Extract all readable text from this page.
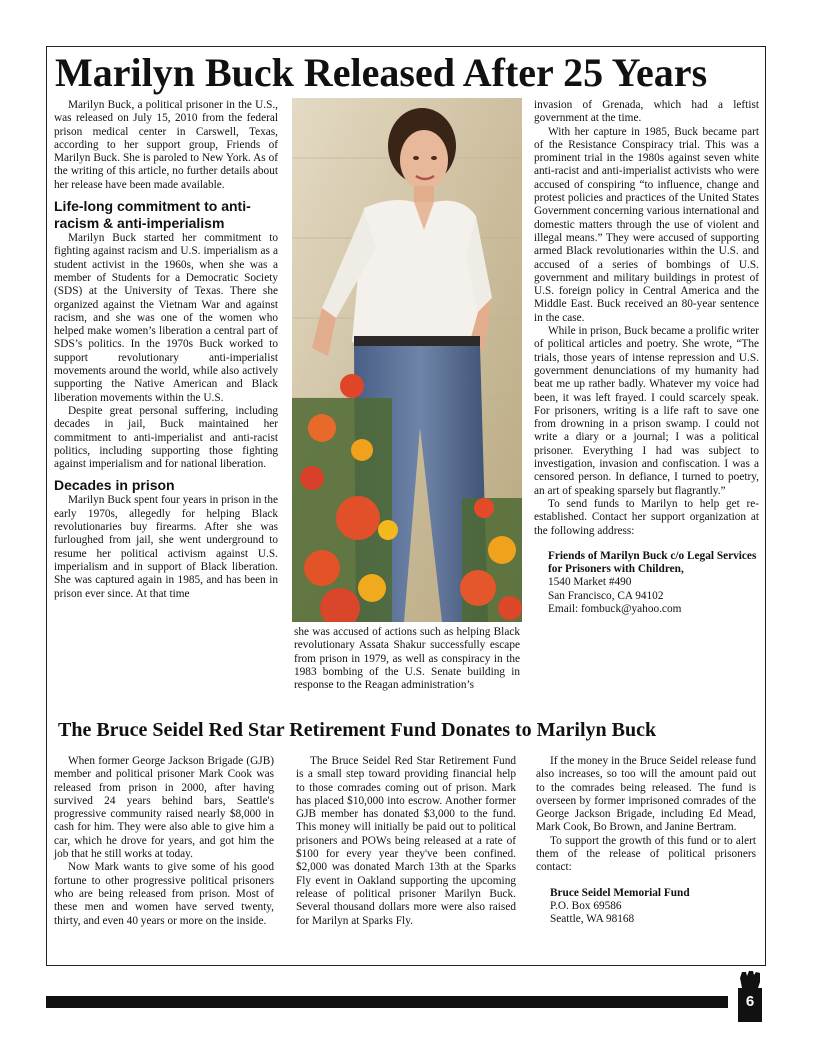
Marilyn Buck Released After 25 Years

Marilyn Buck, a political prisoner in the U.S., was released on July 15, 2010 from the federal prison medical center in Carswell, Texas, according to her support group, Friends of Marilyn Buck. She is paroled to New York. As of the writing of this article, no further details about her release have been made available.

Life-long commitment to anti-racism & anti-imperialism

Marilyn Buck started her commitment to fighting against racism and U.S. imperialism as a student activist in the 1960s, when she was a member of Students for a Democratic Society (SDS) at the University of Texas. There she organized against the Vietnam War and against racism, and she was one of the women who helped make women’s liberation a central part of SDS’s politics. In the 1970s Buck worked to support revolutionary anti-imperialist movements around the world, while also actively supporting the Native American and Black liberation movements within the U.S.

Despite great personal suffering, including decades in jail, Buck maintained her commitment to anti-imperialist and anti-racist politics, including supporting those fighting against imperialism and for national liberation.

Decades in prison

Marilyn Buck spent four years in prison in the early 1970s, allegedly for helping Black revolutionaries buy firearms. After she was furloughed from jail, she went underground to resume her political activism against U.S. imperialism and in support of Black liberation. She was captured again in 1985, and has been in prison ever since. At that time

she was accused of actions such as helping Black revolutionary Assata Shakur successfully escape from prison in 1979, as well as conspiracy in the 1983 bombing of the U.S. Senate building in response to the Reagan administration’s

invasion of Grenada, which had a leftist government at the time.

With her capture in 1985, Buck became part of the Resistance Conspiracy trial. This was a prominent trial in the 1980s against seven white anti-racist and anti-imperialist activists who were accused of conspiring “to influence, change and protest policies and practices of the United States Government concerning various international and domestic matters through the use of violent and illegal means.” They were accused of supporting armed Black revolutionaries within the U.S. and accused of a series of bombings of U.S. government and military buildings in protest of U.S. foreign policy in Central America and the Middle East. Buck received an 80-year sentence in the case.

While in prison, Buck became a prolific writer of political articles and poetry. She wrote, “The trials, those years of intense repression and U.S. government denunciations of my humanity had beat me up rather badly. Whatever my voice had been, it was left frayed. I could scarcely speak. For prisoners, writing is a life raft to save one from drowning in a prison swamp. I could not write a diary or a journal; I was a political prisoner. Everything I had was subject to investigation, invasion and confiscation. I was a censored person. In defiance, I turned to poetry, an art of speaking sparsely but flagrantly.”

To send funds to Marilyn to help get re-established. Contact her support organization at the following address:

Friends of Marilyn Buck c/o Legal Services for Prisoners with Children,
1540 Market #490
San Francisco, CA 94102
Email: fombuck@yahoo.com
The Bruce Seidel Red Star Retirement Fund Donates to Marilyn Buck

When former George Jackson Brigade (GJB) member and political prisoner Mark Cook was released from prison in 2000, after having survived 24 years behind bars, Seattle's progressive community raised nearly $8,000 in cash for him. They were also able to give him a car, which he drove for years, and got him the job that he still works at today.

Now Mark wants to give some of his good fortune to other progressive political prisoners who are being released from prison. Most of these men and women have served twenty, thirty, and even 40 years or more on the inside.

The Bruce Seidel Red Star Retirement Fund is a small step toward providing financial help to those comrades coming out of prison. Mark has placed $10,000 into escrow. Another former GJB member has donated $3,000 to the fund. This money will initially be paid out to political prisoners and POWs being released at a rate of $100 for every year they've been confined. $2,000 was donated March 13th at the Sparks Fly event in Oakland supporting the upcoming release of political prisoner Marilyn Buck. Several thousand dollars more were also raised for Marilyn at Sparks Fly.

If the money in the Bruce Seidel release fund also increases, so too will the amount paid out to the comrades being released. The fund is overseen by former imprisoned comrades of the George Jackson Brigade, including Ed Mead, Mark Cook, Bo Brown, and Janine Bertram.

To support the growth of this fund or to alert them of the release of political prisoners contact:

Bruce Seidel Memorial Fund
P.O. Box 69586
Seattle, WA 98168
6
